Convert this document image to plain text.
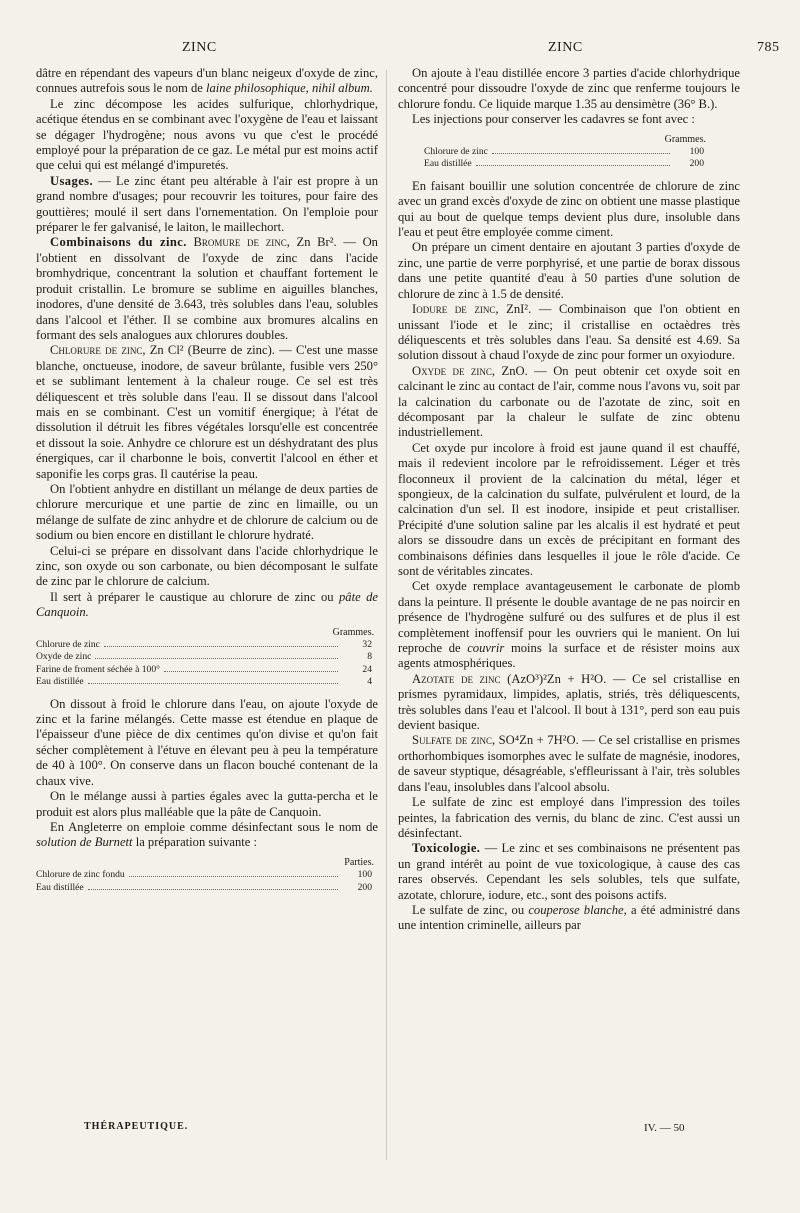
ZINC	ZINC	785

dâtre en répendant des vapeurs d'un blanc neigeux d'oxyde de zinc, connues autrefois sous le nom de laine philosophique, nihil album.

Le zinc décompose les acides sulfurique, chlorhydrique, acétique étendus en se combinant avec l'oxygène de l'eau et laissant se dégager l'hydrogène; nous avons vu que c'est le procédé employé pour la préparation de ce gaz. Le métal pur est moins actif que celui qui est mélangé d'impuretés.

Usages. — Le zinc étant peu altérable à l'air est propre à un grand nombre d'usages; pour recouvrir les toitures, pour faire des gouttières; moulé il sert dans l'ornementation. On l'emploie pour préparer le fer galvanisé, le laiton, le maillechort.

Combinaisons du zinc. Bromure de zinc, Zn Br². — On l'obtient en dissolvant de l'oxyde de zinc dans l'acide bromhydrique, concentrant la solution et chauffant fortement le produit cristallin. Le bromure se sublime en aiguilles blanches, inodores, d'une densité de 3.643, très solubles dans l'eau, solubles dans l'alcool et l'éther. Il se combine aux bromures alcalins en formant des sels analogues aux chlorures doubles.

Chlorure de zinc, Zn Cl² (Beurre de zinc). — C'est une masse blanche, onctueuse, inodore, de saveur brûlante, fusible vers 250° et se sublimant lentement à la chaleur rouge. Ce sel est très déliquescent et très soluble dans l'eau. Il se dissout dans l'alcool mais en se combinant. C'est un vomitif énergique; à l'état de dissolution il détruit les fibres végétales lorsqu'elle est concentrée et dissout la soie. Anhydre ce chlorure est un déshydratant des plus énergiques, car il charbonne le bois, convertit l'alcool en éther et saponifie les corps gras. Il cautérise la peau.

On l'obtient anhydre en distillant un mélange de deux parties de chlorure mercurique et une partie de zinc en limaille, ou un mélange de sulfate de zinc anhydre et de chlorure de calcium ou de sodium ou bien encore en distillant le chlorure hydraté.

Celui-ci se prépare en dissolvant dans l'acide chlorhydrique le zinc, son oxyde ou son carbonate, ou bien décomposant le sulfate de zinc par le chlorure de calcium.

Il sert à préparer le caustique au chlorure de zinc ou pâte de Canquoin.

Grammes.
Chlorure de zinc	32
Oxyde de zinc	8
Farine de froment séchée à 100°	24
Eau distillée	4

On dissout à froid le chlorure dans l'eau, on ajoute l'oxyde de zinc et la farine mélangés. Cette masse est étendue en plaque de l'épaisseur d'une pièce de dix centimes qu'on divise et qu'on fait sécher complètement à l'étuve en élevant peu à peu la température de 40 à 100°. On conserve dans un flacon bouché contenant de la chaux vive.

On le mélange aussi à parties égales avec la gutta-percha et le produit est alors plus malléable que la pâte de Canquoin.

En Angleterre on emploie comme désinfectant sous le nom de solution de Burnett la préparation suivante :

Parties.
Chlorure de zinc fondu	100
Eau distillée	200

On ajoute à l'eau distillée encore 3 parties d'acide chlorhydrique concentré pour dissoudre l'oxyde de zinc que renferme toujours le chlorure fondu. Ce liquide marque 1.35 au densimètre (36° B.).

Les injections pour conserver les cadavres se font avec :

Grammes.
Chlorure de zinc	100
Eau distillée	200

En faisant bouillir une solution concentrée de chlorure de zinc avec un grand excès d'oxyde de zinc on obtient une masse plastique qui au bout de quelque temps devient plus dure, insoluble dans l'eau et peut être employée comme ciment.

On prépare un ciment dentaire en ajoutant 3 parties d'oxyde de zinc, une partie de verre porphyrisé, et une partie de borax dissous dans une petite quantité d'eau à 50 parties d'une solution de chlorure de zinc à 1.5 de densité.

Iodure de zinc, ZnI². — Combinaison que l'on obtient en unissant l'iode et le zinc; il cristallise en octaèdres très déliquescents et très solubles dans l'eau. Sa densité est 4.69. Sa solution dissout à chaud l'oxyde de zinc pour former un oxyiodure.

Oxyde de zinc, ZnO. — On peut obtenir cet oxyde soit en calcinant le zinc au contact de l'air, comme nous l'avons vu, soit par la calcination du carbonate ou de l'azotate de zinc, soit en décomposant par la chaleur le sulfate de zinc obtenu industriellement.

Cet oxyde pur incolore à froid est jaune quand il est chauffé, mais il redevient incolore par le refroidissement. Léger et très floconneux il provient de la calcination du métal, léger et spongieux, de la calcination du sulfate, pulvérulent et lourd, de la calcination d'un sel. Il est inodore, insipide et peut cristalliser. Précipité d'une solution saline par les alcalis il est hydraté et peut alors se dissoudre dans un excès de précipitant en formant des combinaisons définies dans lesquelles il joue le rôle d'acide. Ce sont de véritables zincates.

Cet oxyde remplace avantageusement le carbonate de plomb dans la peinture. Il présente le double avantage de ne pas noircir en présence de l'hydrogène sulfuré ou des sulfures et de plus il est complètement inoffensif pour les ouvriers qui le manient. On lui reproche de couvrir moins la surface et de résister moins aux agents atmosphériques.

Azotate de zinc (AzO³)²Zn + H²O. — Ce sel cristallise en prismes pyramidaux, limpides, aplatis, striés, très déliquescents, très solubles dans l'eau et l'alcool. Il bout à 131°, perd son eau puis devient basique.

Sulfate de zinc, SO⁴Zn + 7H²O. — Ce sel cristallise en prismes orthorhombiques isomorphes avec le sulfate de magnésie, inodores, de saveur styptique, désagréable, s'efflеurissant à l'air, très solubles dans l'eau, insolubles dans l'alcool absolu.

Le sulfate de zinc est employé dans l'impression des toiles peintes, la fabrication des vernis, du blanc de zinc. C'est aussi un désinfectant.

Toxicologie. — Le zinc et ses combinaisons ne présentent pas un grand intérêt au point de vue toxicologique, à cause des cas rares observés. Cependant les sels solubles, tels que sulfate, azotate, chlorure, iodure, etc., sont des poisons actifs.

Le sulfate de zinc, ou couperose blanche, a été administré dans une intention criminelle, ailleurs par

THÉRAPEUTIQUE.	IV. — 50
